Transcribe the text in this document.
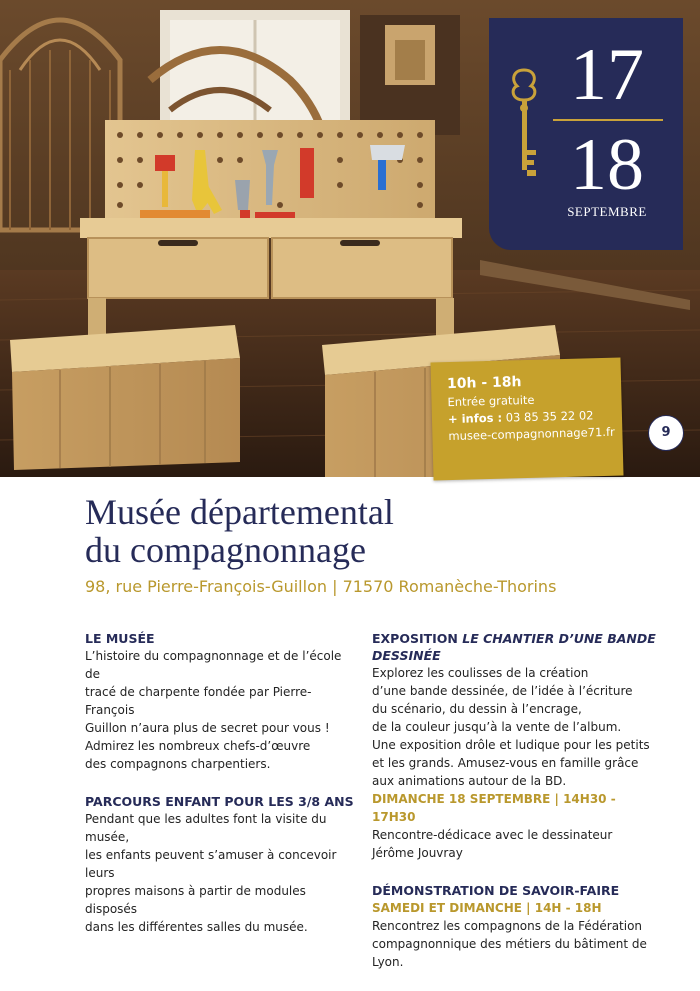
17
18
SEPTEMBRE
10h - 18h
Entrée gratuite
+ infos : 03 85 35 22 02
musee-compagnonnage71.fr	9
Musée départemental
du compagnonnage
98, rue Pierre-François-Guillon | 71570 Romanèche-Thorins
LE MUSÉE

L’histoire du compagnonnage et de l’école de
tracé de charpente fondée par Pierre-François
Guillon n’aura plus de secret pour vous !
Admirez les nombreux chefs-d’œuvre
des compagnons charpentiers.

PARCOURS ENFANT POUR LES 3/8 ANS

Pendant que les adultes font la visite du musée,
les enfants peuvent s’amuser à concevoir leurs
propres maisons à partir de modules disposés
dans les différentes salles du musée.

EXPOSITION LE CHANTIER D’UNE BANDE
DESSINÉE

Explorez les coulisses de la création
d’une bande dessinée, de l’idée à l’écriture
du scénario, du dessin à l’encrage,
de la couleur jusqu’à la vente de l’album.
Une exposition drôle et ludique pour les petits
et les grands. Amusez-vous en famille grâce
aux animations autour de la BD.

DIMANCHE 18 SEPTEMBRE | 14H30 - 17H30

Rencontre-dédicace avec le dessinateur
Jérôme Jouvray

DÉMONSTRATION DE SAVOIR-FAIRE
SAMEDI ET DIMANCHE | 14H - 18H

Rencontrez les compagnons de la Fédération
compagnonnique des métiers du bâtiment de Lyon.
